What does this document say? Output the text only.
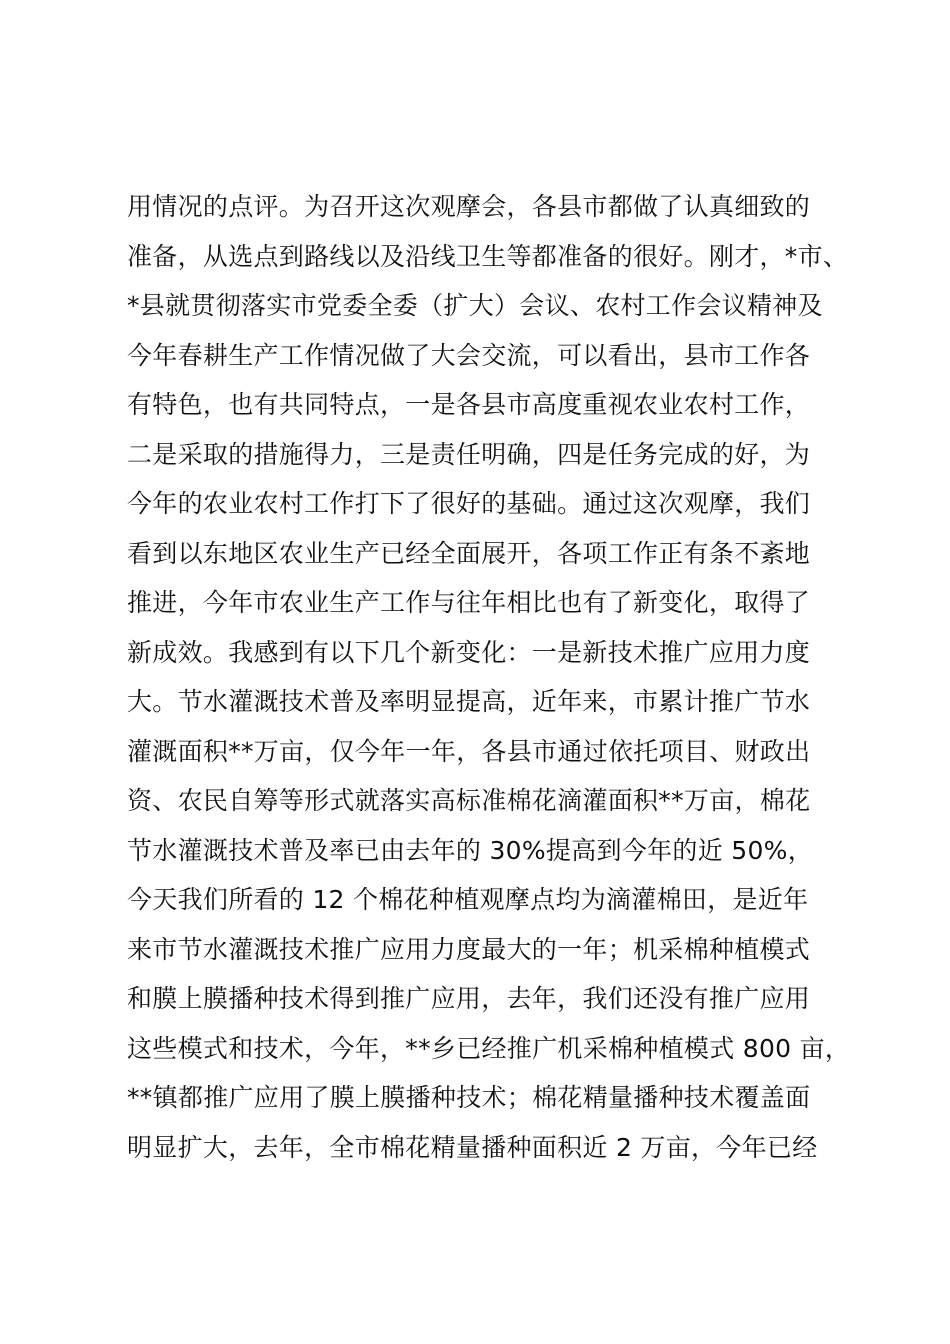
用情况的点评。为召开这次观摩会，各县市都做了认真细致的
准备，从选点到路线以及沿线卫生等都准备的很好。刚才，*市、
*县就贯彻落实市党委全委（扩大）会议、农村工作会议精神及
今年春耕生产工作情况做了大会交流，可以看出，县市工作各
有特色，也有共同特点，一是各县市高度重视农业农村工作，
二是采取的措施得力，三是责任明确，四是任务完成的好，为
今年的农业农村工作打下了很好的基础。通过这次观摩，我们
看到以东地区农业生产已经全面展开，各项工作正有条不紊地
推进，今年市农业生产工作与往年相比也有了新变化，取得了
新成效。我感到有以下几个新变化：一是新技术推广应用力度
大。节水灌溉技术普及率明显提高，近年来，市累计推广节水
灌溉面积**万亩，仅今年一年，各县市通过依托项目、财政出
资、农民自筹等形式就落实高标准棉花滴灌面积**万亩，棉花
节水灌溉技术普及率已由去年的 30%提高到今年的近 50%，
今天我们所看的 12 个棉花种植观摩点均为滴灌棉田，是近年
来市节水灌溉技术推广应用力度最大的一年；机采棉种植模式
和膜上膜播种技术得到推广应用，去年，我们还没有推广应用
这些模式和技术，今年，**乡已经推广机采棉种植模式 800 亩，
**镇都推广应用了膜上膜播种技术；棉花精量播种技术覆盖面
明显扩大，去年，全市棉花精量播种面积近 2 万亩，今年已经
